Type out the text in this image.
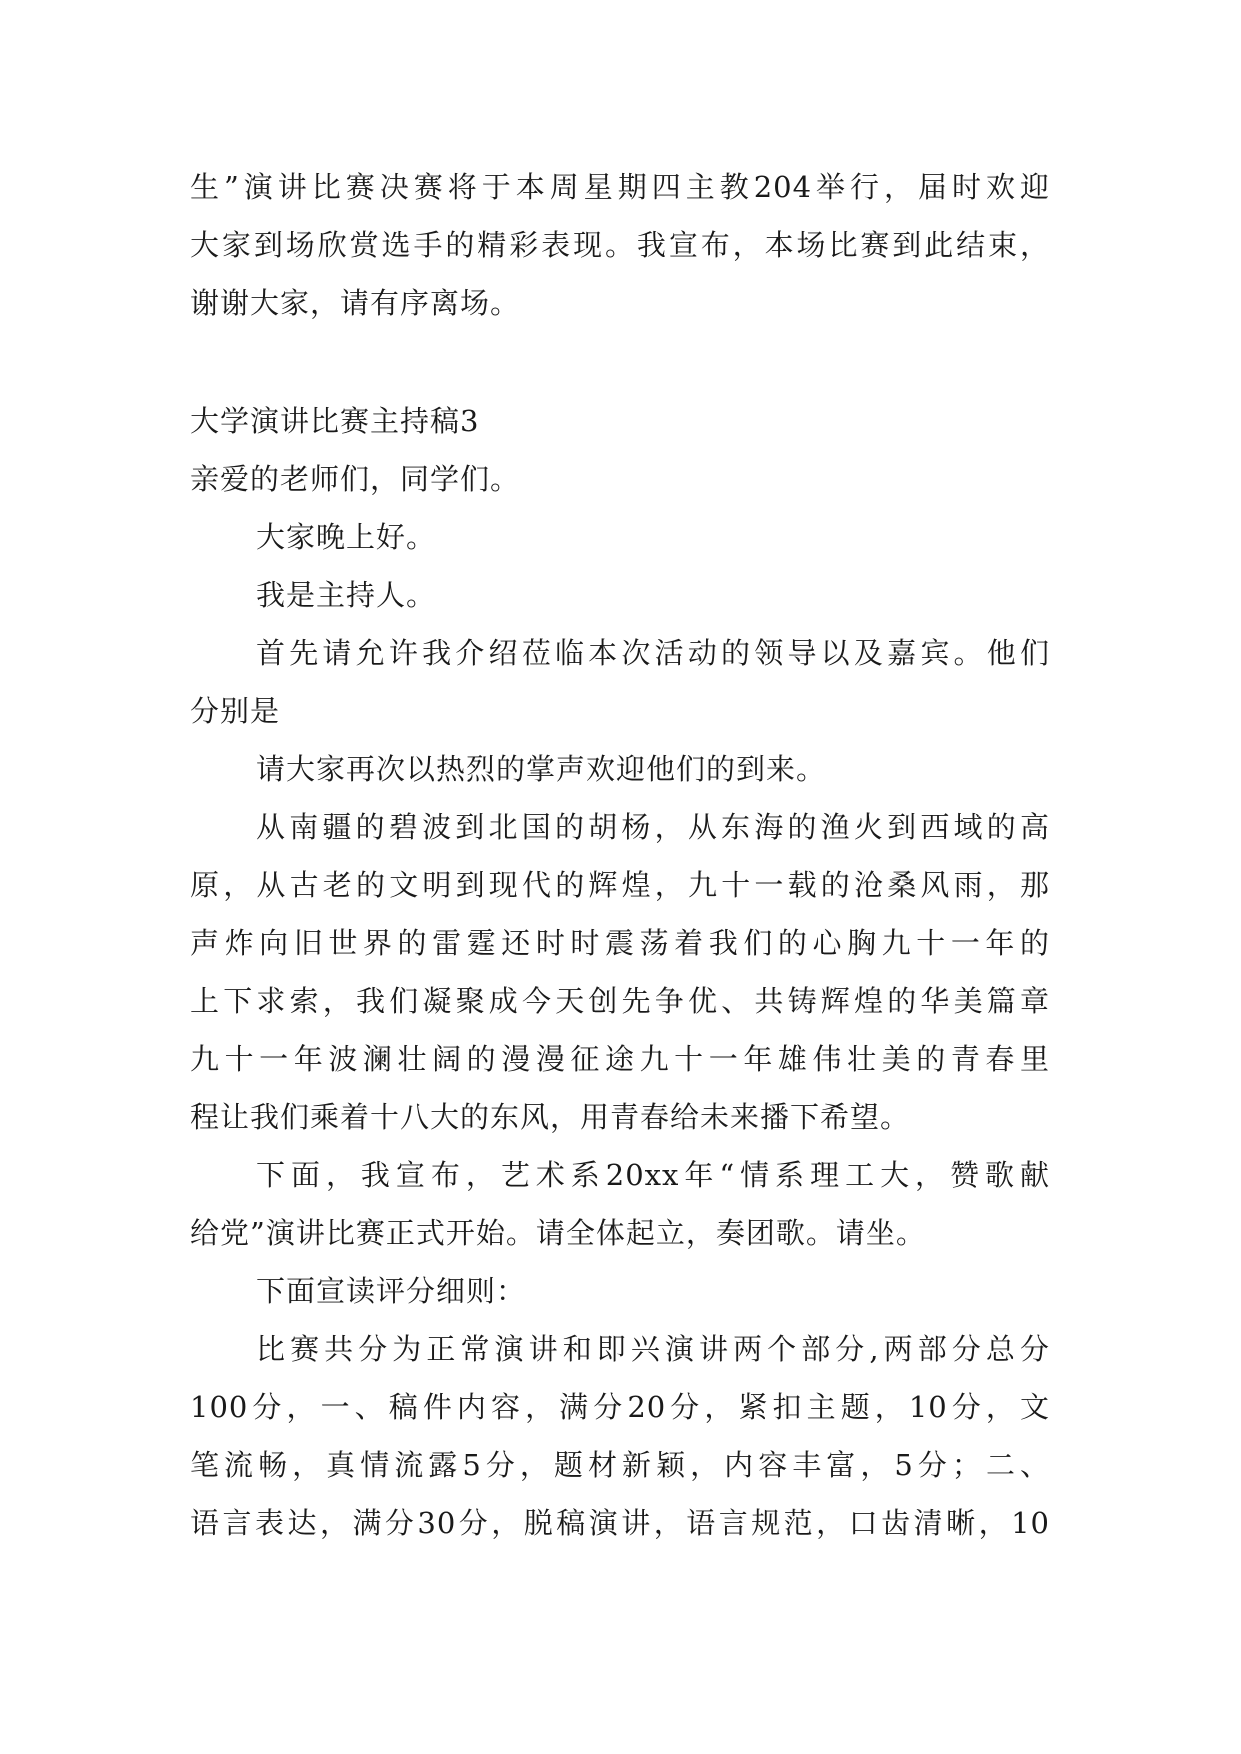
生”演讲比赛决赛将于本周星期四主教204举行，届时欢迎
大家到场欣赏选手的精彩表现。我宣布，本场比赛到此结束，
谢谢大家，请有序离场。
大学演讲比赛主持稿3
亲爱的老师们，同学们。
大家晚上好。
我是主持人。
首先请允许我介绍莅临本次活动的领导以及嘉宾。他们
分别是
请大家再次以热烈的掌声欢迎他们的到来。
从南疆的碧波到北国的胡杨，从东海的渔火到西域的高
原，从古老的文明到现代的辉煌，九十一载的沧桑风雨，那
声炸向旧世界的雷霆还时时震荡着我们的心胸九十一年的
上下求索，我们凝聚成今天创先争优、共铸辉煌的华美篇章
九十一年波澜壮阔的漫漫征途九十一年雄伟壮美的青春里
程让我们乘着十八大的东风，用青春给未来播下希望。
下面，我宣布，艺术系20xx年“情系理工大，赞歌献
给党”演讲比赛正式开始。请全体起立，奏团歌。请坐。
下面宣读评分细则：
比赛共分为正常演讲和即兴演讲两个部分,两部分总分
100分，一、稿件内容，满分20分，紧扣主题，10分，文
笔流畅，真情流露5分，题材新颖，内容丰富，5分；二、
语言表达，满分30分，脱稿演讲，语言规范，口齿清晰，10
